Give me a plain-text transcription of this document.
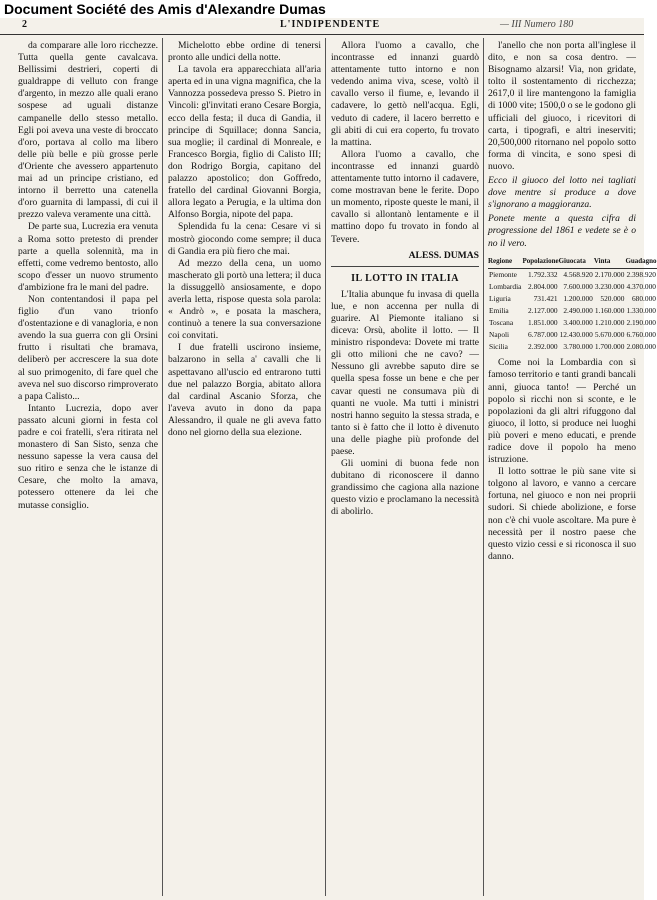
Document Société des Amis d'Alexandre Dumas
2	L'INDIPENDENTE	— III Numero 180

da comparare alle loro ricchezze. Tutta quella gente cavalcava. Bellissimi destrieri, coperti di gualdrappe di velluto con frange d'argento, in mezzo alle quali erano sospese ad uguali distanze campanelle dello stesso metallo. Egli poi aveva una veste di broccato d'oro, portava al collo ma libero delle più belle e più grosse perle d'Oriente che avessero appartenuto mai ad un principe cristiano, ed intorno il berretto una catenella d'oro guarnita di lampassi, di cui il prezzo valeva veramente una città.

De parte sua, Lucrezia era venuta a Roma sotto pretesto di prender parte a quella solennità, ma in effetti, come vedremo bentosto, allo scopo d'esser un nuovo strumento d'ambizione fra le mani del padre.

Non contentandosi il papa pel figlio d'un vano trionfo d'ostentazione e di vanagloria, e non avendo la sua guerra con gli Orsini frutto i risultati che bramava, deliberò per accrescere la sua dote al suo primogenito, di fare quel che aveva nel suo discorso rimproverato a papa Calisto...

Intanto Lucrezia, dopo aver passato alcuni giorni in festa col padre e coi fratelli, s'era ritirata nel monastero di San Sisto, senza che nessuno sapesse la vera causa del suo ritiro e senza che le istanze di Cesare, che molto la amava, potessero ottenere da lei che mutasse consiglio.

Michelotto ebbe ordine di tenersi pronto alle undici della notte.

La tavola era apparecchiata all'aria aperta ed in una vigna magnifica, che la Vannozza possedeva presso S. Pietro in Vincoli: gl'invitati erano Cesare Borgia, ecco della festa; il duca di Gandia, il principe di Squillace; donna Sancia, sua moglie; il cardinal di Monreale, e Francesco Borgia, figlio di Calisto III; don Rodrigo Borgia, capitano del palazzo apostolico; don Goffredo, fratello del cardinal Giovanni Borgia, allora legato a Perugia, e la ultima don Alfonso Borgia, nipote del papa.

Splendida fu la cena: Cesare vi si mostrò giocondo come sempre; il duca di Gandia era più fiero che mai.

Ad mezzo della cena, un uomo mascherato gli portò una lettera; il duca la dissuggellò ansiosamente, e dopo averla letta, rispose questa sola parola: « Andrò », e posata la maschera, continuò a tenere la sua conversazione coi convitati.

I due fratelli uscirono insieme, balzarono in sella a' cavalli che li aspettavano all'uscio ed entrarono tutti due nel palazzo Borgia, abitato allora dal cardinal Ascanio Sforza, che l'aveva avuto in dono da papa Alessandro, il quale ne gli aveva fatto dono nel giorno della sua elezione.

Allora l'uomo a cavallo, che incontrasse ed innanzi guardò attentamente tutto intorno e non vedendo anima viva, scese, voltò il cavallo verso il fiume, e, levando il cadavere, lo gettò nell'acqua. Egli, veduto di cadere, il lacero berretto e gli abiti di cui era coperto, fu trovato la mattina.

Allora l'uomo a cavallo, che incontrasse ed innanzi guardò attentamente tutto intorno il cadavere, come mostravan bene le ferite. Dopo un momento, riposte queste le mani, il cavallo si allontanò lentamente e il mattino dopo fu trovato in fondo al Tevere.

ALESS. DUMAS
IL LOTTO IN ITALIA

L'Italia abunque fu invasa di quella lue, e non accenna per nulla di guarire. Al Piemonte italiano si diceva: Orsù, abolite il lotto. — Il ministro rispondeva: Dovete mi tratte gli otto milioni che ne cavo? — Nessuno gli avrebbe saputo dire se quella spesa fosse un bene e che per cavar questi ne consumava più di quanti ne vuole. Ma tutti i ministri nostri hanno seguito la stessa strada, e tanto si è fatto che il lotto è divenuto una delle piaghe più profonde del paese.

Gli uomini di buona fede non dubitano di riconoscere il danno grandissimo che cagiona alla nazione questo vizio e proclamano la necessità di abolirlo.

l'anello che non porta all'inglese il dito, e non sa cosa dentro. — Bisognamo alzarsi! Via, non gridate, tolto il sostentamento di ricchezza; 2617,0 il lire mantengono la famiglia di 1000 vite; 1500,0 o se le godono gli ufficiali del giuoco, i ricevitori di carta, i tipografi, e altri ineserviti; 20,500,000 ritornano nel popolo sotto forma di vincita, e sono spesi di nuovo.

Ecco il giuoco del lotto nei tagliati dove mentre si produce a dove s'ignorano a maggioranza.
Ponete mente a questa cifra di progressione del 1861 e vedete se è o no il vero.
Regione	Popolazione	Giuocata	Vinta	Guadagno
Piemonte	1.792.332	4.568.920	2.170.000	2.398.920
Lombardia	2.804.000	7.600.000	3.230.000	4.370.000
Liguria	731.421	1.200.000	520.000	680.000
Emilia	2.127.000	2.490.000	1.160.000	1.330.000
Toscana	1.851.000	3.400.000	1.210.000	2.190.000
Napoli	6.787.000	12.430.000	5.670.000	6.760.000
Sicilia	2.392.000	3.780.000	1.700.000	2.080.000

Come noi la Lombardia con sì famoso territorio e tanti grandi bancali anni, giuoca tanto! — Perché un popolo sì ricchi non si sconte, e le popolazioni da gli altri rifuggono dal giuoco, il lotto, si produce nei luoghi più poveri e meno educati, e prende radice dove il popolo ha meno istruzione.

Il lotto sottrae le più sane vite si tolgono al lavoro, e vanno a cercare fortuna, nel giuoco e non nei proprii sudori. Si chiede abolizione, e forse non c'è chi vuole ascoltare. Ma pure è necessità per il nostro paese che questo vizio cessi e si riconosca il suo danno.
